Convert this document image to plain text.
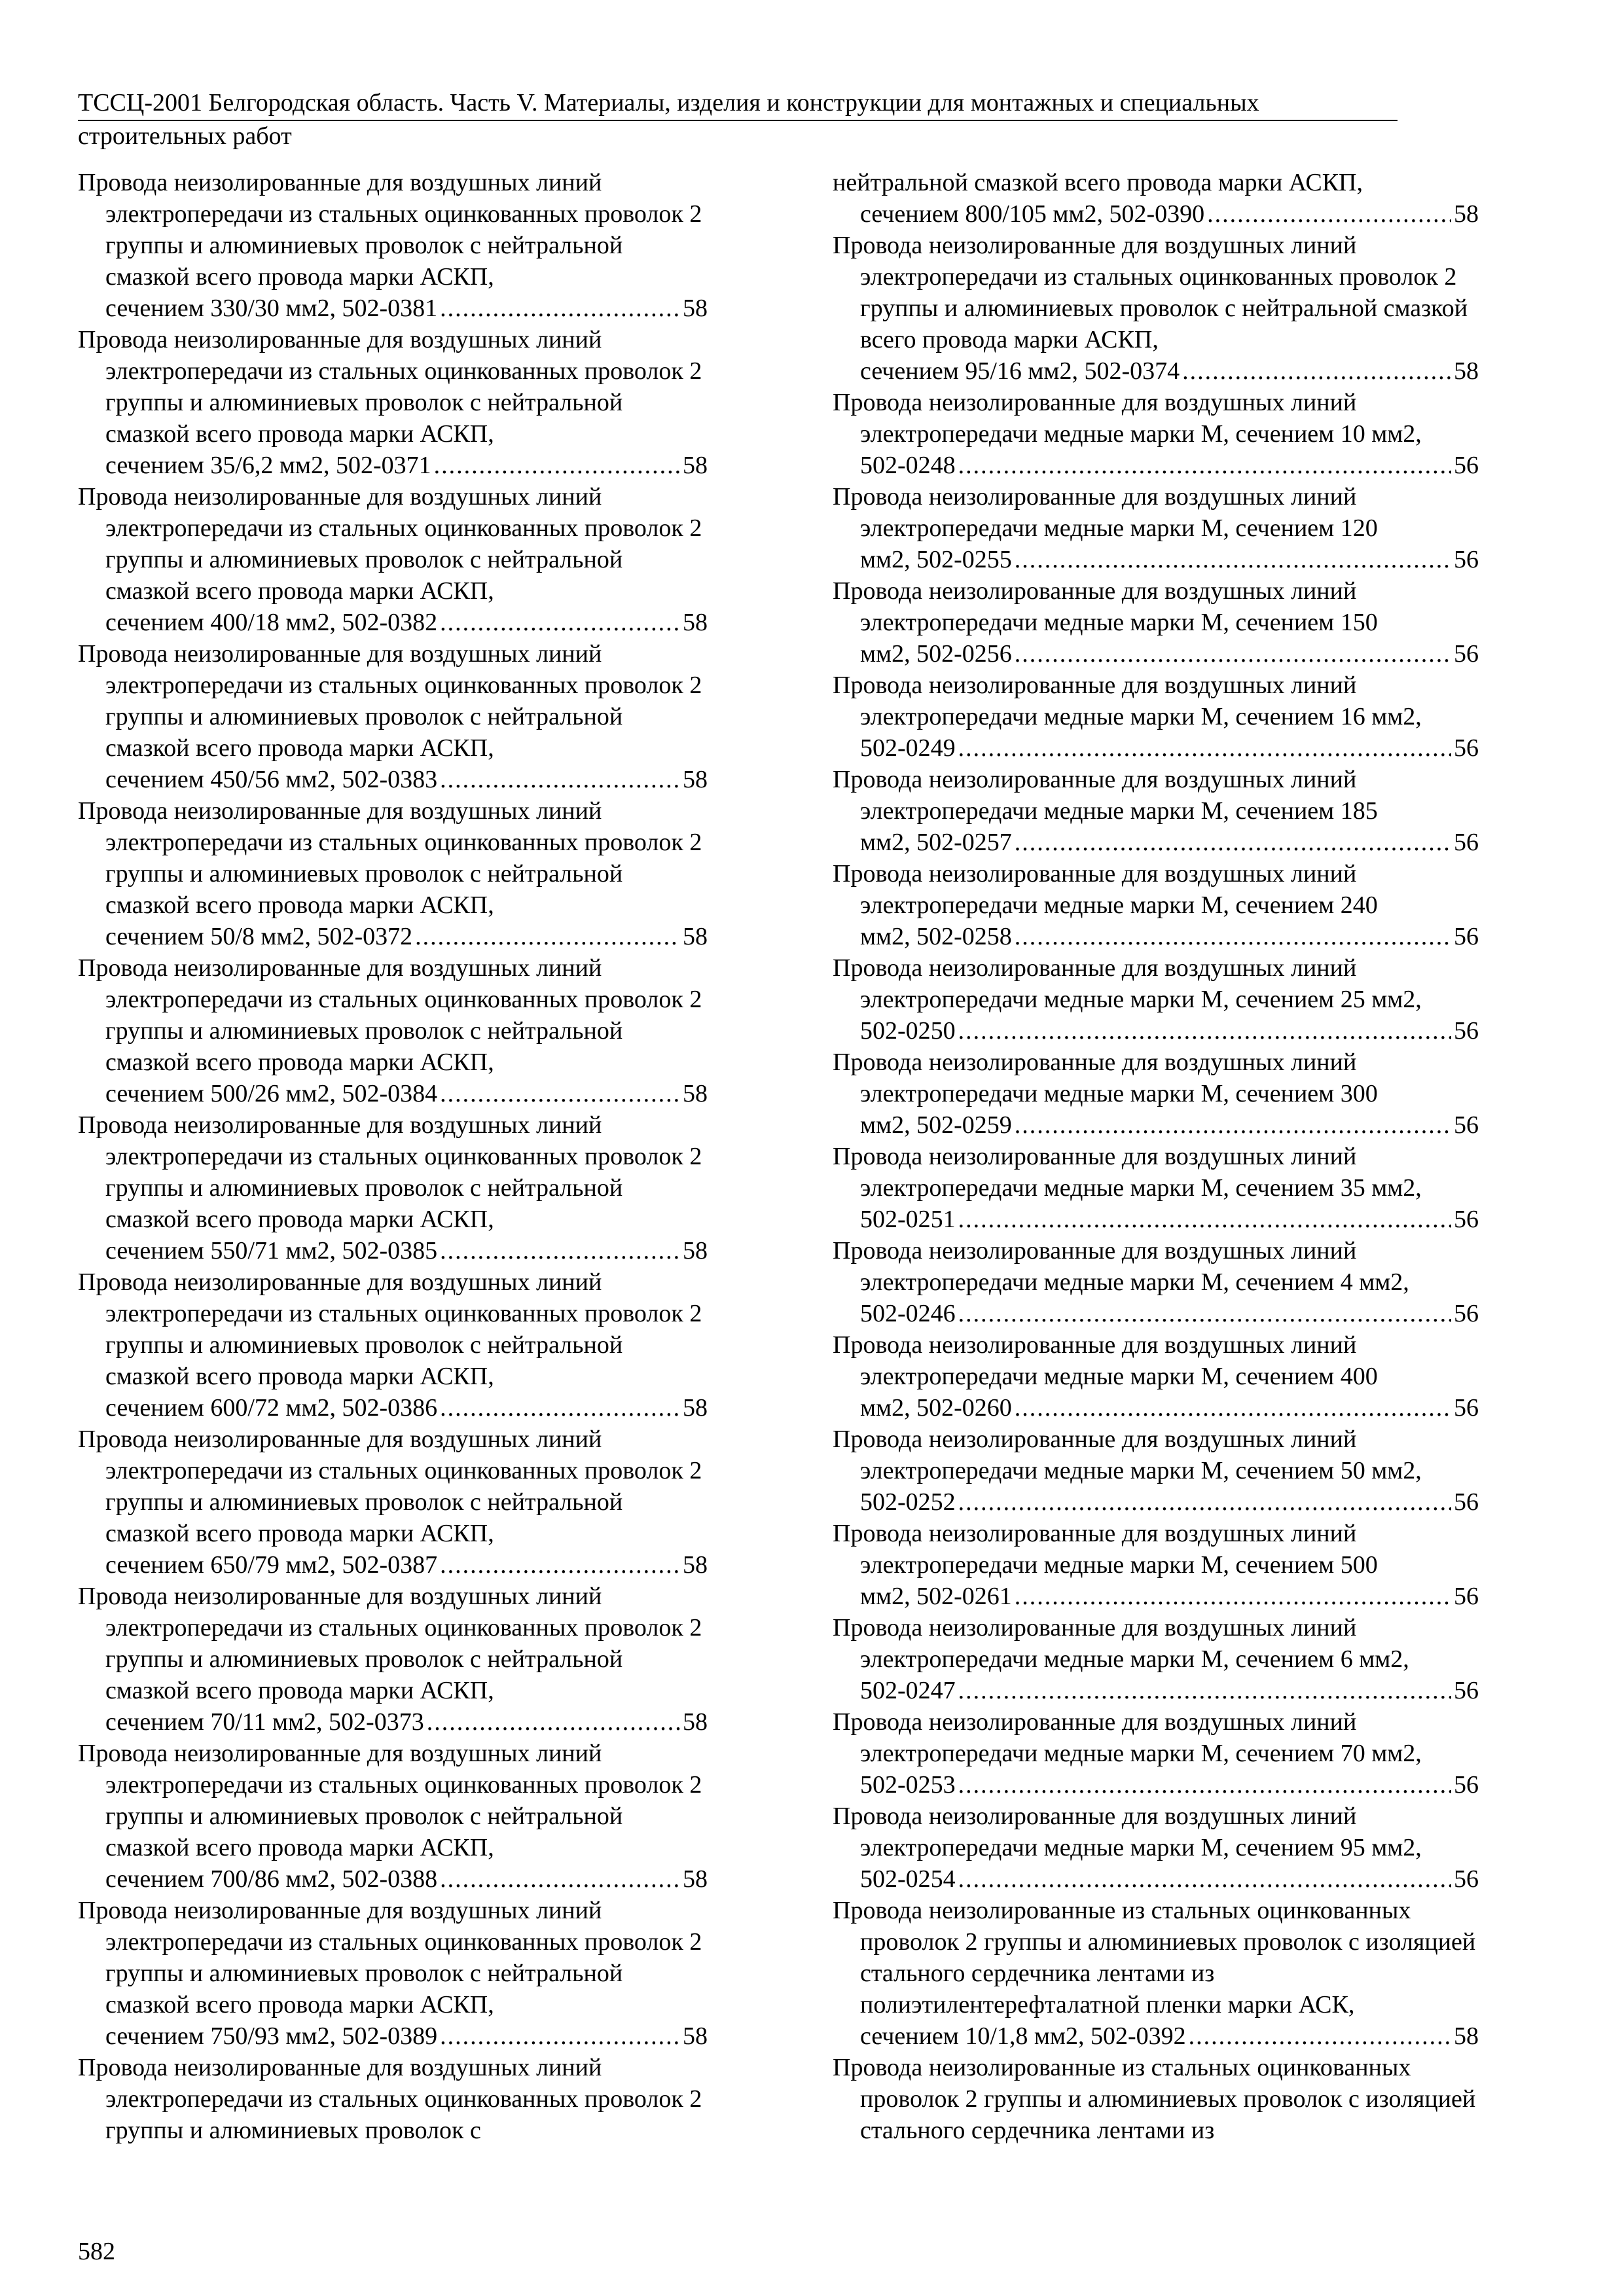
ТССЦ-2001 Белгородская область. Часть V. Материалы, изделия и конструкции для монтажных и специальных
строительных работ
Провода неизолированные для воздушных линий электропередачи из стальных оцинкованных проволок 2 группы и алюминиевых проволок с нейтральной смазкой всего провода марки АСКП,
сечением 330/30 мм2, 502-0381 .....	58
Провода неизолированные для воздушных линий электропередачи из стальных оцинкованных проволок 2 группы и алюминиевых проволок с нейтральной смазкой всего провода марки АСКП,
сечением 35/6,2 мм2, 502-0371 .....	58
Провода неизолированные для воздушных линий электропередачи из стальных оцинкованных проволок 2 группы и алюминиевых проволок с нейтральной смазкой всего провода марки АСКП,
сечением 400/18 мм2, 502-0382 .....	58
Провода неизолированные для воздушных линий электропередачи из стальных оцинкованных проволок 2 группы и алюминиевых проволок с нейтральной смазкой всего провода марки АСКП,
сечением 450/56 мм2, 502-0383 .....	58
Провода неизолированные для воздушных линий электропередачи из стальных оцинкованных проволок 2 группы и алюминиевых проволок с нейтральной смазкой всего провода марки АСКП,
сечением 50/8 мм2, 502-0372 .....	58
Провода неизолированные для воздушных линий электропередачи из стальных оцинкованных проволок 2 группы и алюминиевых проволок с нейтральной смазкой всего провода марки АСКП,
сечением 500/26 мм2, 502-0384 .....	58
Провода неизолированные для воздушных линий электропередачи из стальных оцинкованных проволок 2 группы и алюминиевых проволок с нейтральной смазкой всего провода марки АСКП,
сечением 550/71 мм2, 502-0385 .....	58
Провода неизолированные для воздушных линий электропередачи из стальных оцинкованных проволок 2 группы и алюминиевых проволок с нейтральной смазкой всего провода марки АСКП,
сечением 600/72 мм2, 502-0386 .....	58
Провода неизолированные для воздушных линий электропередачи из стальных оцинкованных проволок 2 группы и алюминиевых проволок с нейтральной смазкой всего провода марки АСКП,
сечением 650/79 мм2, 502-0387 .....	58
Провода неизолированные для воздушных линий электропередачи из стальных оцинкованных проволок 2 группы и алюминиевых проволок с нейтральной смазкой всего провода марки АСКП,
сечением 70/11 мм2, 502-0373 .....	58
Провода неизолированные для воздушных линий электропередачи из стальных оцинкованных проволок 2 группы и алюминиевых проволок с нейтральной смазкой всего провода марки АСКП,
сечением 700/86 мм2, 502-0388 .....	58
Провода неизолированные для воздушных линий электропередачи из стальных оцинкованных проволок 2 группы и алюминиевых проволок с нейтральной смазкой всего провода марки АСКП,
сечением 750/93 мм2, 502-0389 .....	58
Провода неизолированные для воздушных линий электропередачи из стальных оцинкованных проволок 2 группы и алюминиевых проволок с
нейтральной смазкой всего провода марки АСКП,
сечением 800/105 мм2, 502-0390 .....	58
Провода неизолированные для воздушных линий электропередачи из стальных оцинкованных проволок 2 группы и алюминиевых проволок с нейтральной смазкой всего провода марки АСКП,
сечением 95/16 мм2, 502-0374 .....	58
Провода неизолированные для воздушных линий электропередачи медные марки М, сечением 10 мм2,
502-0248 .....	56
Провода неизолированные для воздушных линий электропередачи медные марки М, сечением 120
мм2, 502-0255 .....	56
Провода неизолированные для воздушных линий электропередачи медные марки М, сечением 150
мм2, 502-0256 .....	56
Провода неизолированные для воздушных линий электропередачи медные марки М, сечением 16 мм2,
502-0249 .....	56
Провода неизолированные для воздушных линий электропередачи медные марки М, сечением 185
мм2, 502-0257 .....	56
Провода неизолированные для воздушных линий электропередачи медные марки М, сечением 240
мм2, 502-0258 .....	56
Провода неизолированные для воздушных линий электропередачи медные марки М, сечением 25 мм2,
502-0250 .....	56
Провода неизолированные для воздушных линий электропередачи медные марки М, сечением 300
мм2, 502-0259 .....	56
Провода неизолированные для воздушных линий электропередачи медные марки М, сечением 35 мм2,
502-0251 .....	56
Провода неизолированные для воздушных линий электропередачи медные марки М, сечением 4 мм2,
502-0246 .....	56
Провода неизолированные для воздушных линий электропередачи медные марки М, сечением 400
мм2, 502-0260 .....	56
Провода неизолированные для воздушных линий электропередачи медные марки М, сечением 50 мм2,
502-0252 .....	56
Провода неизолированные для воздушных линий электропередачи медные марки М, сечением 500
мм2, 502-0261 .....	56
Провода неизолированные для воздушных линий электропередачи медные марки М, сечением 6 мм2,
502-0247 .....	56
Провода неизолированные для воздушных линий электропередачи медные марки М, сечением 70 мм2,
502-0253 .....	56
Провода неизолированные для воздушных линий электропередачи медные марки М, сечением 95 мм2,
502-0254 .....	56
Провода неизолированные из стальных оцинкованных проволок 2 группы и алюминиевых проволок с изоляцией стального сердечника лентами из полиэтилентерефталатной пленки марки АСК,
сечением 10/1,8 мм2, 502-0392 .....	58
Провода неизолированные из стальных оцинкованных проволок 2 группы и алюминиевых проволок с изоляцией стального сердечника лентами из
582
